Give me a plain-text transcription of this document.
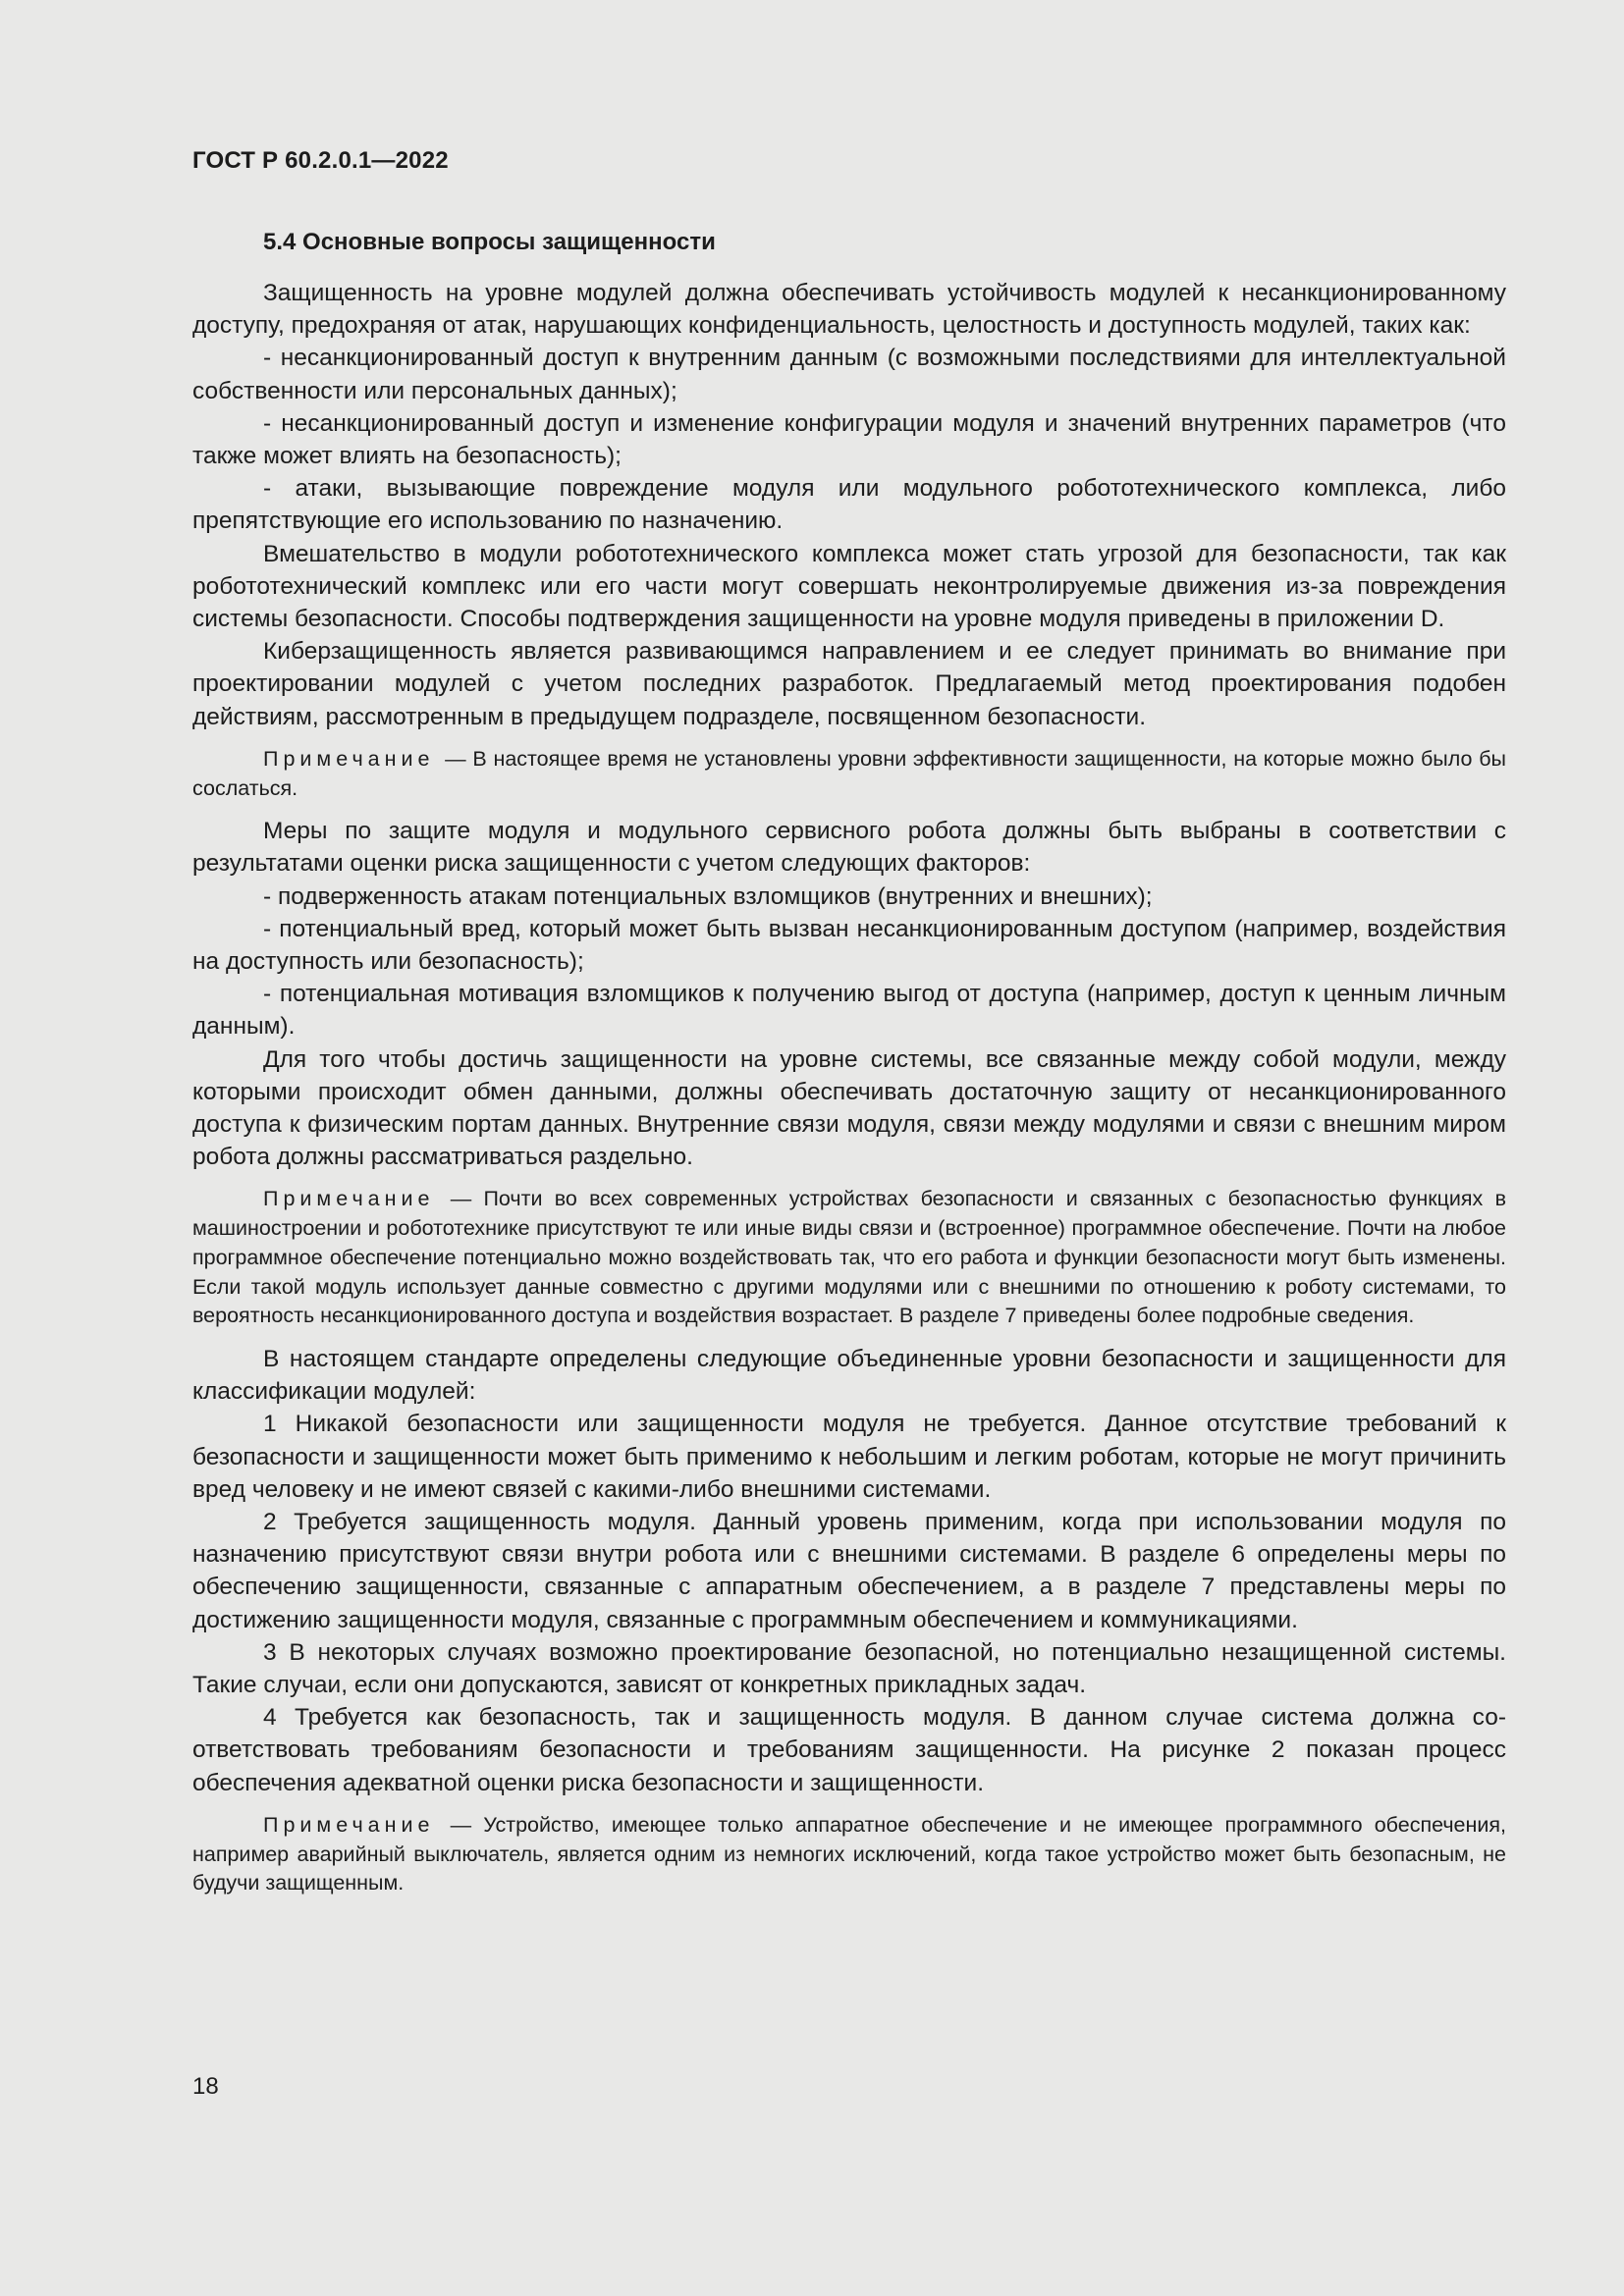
ГОСТ Р 60.2.0.1—2022
5.4 Основные вопросы защищенности

Защищенность на уровне модулей должна обеспечивать устойчивость модулей к несанкционированному доступу, предохраняя от атак, нарушающих конфиденциальность, целостность и доступность модулей, таких как:

- несанкционированный доступ к внутренним данным (с возможными последствиями для интеллектуальной собственности или персональных данных);

- несанкционированный доступ и изменение конфигурации модуля и значений внутренних параметров (что также может влиять на безопасность);

- атаки, вызывающие повреждение модуля или модульного робототехнического комплекса, либо препятствующие его использованию по назначению.

Вмешательство в модули робототехнического комплекса может стать угрозой для безопасности, так как робототехнический комплекс или его части могут совершать неконтролируемые движения из-за повреждения системы безопасности. Способы подтверждения защищенности на уровне модуля приведены в приложении D.

Киберзащищенность является развивающимся направлением и ее следует принимать во внимание при проектировании модулей с учетом последних разработок. Предлагаемый метод проектирования подобен действиям, рассмотренным в предыдущем подразделе, посвященном безопасности.

Примечание — В настоящее время не установлены уровни эффективности защищенности, на которые можно было бы сослаться.

Меры по защите модуля и модульного сервисного робота должны быть выбраны в соответствии с результатами оценки риска защищенности с учетом следующих факторов:

- подверженность атакам потенциальных взломщиков (внутренних и внешних);

- потенциальный вред, который может быть вызван несанкционированным доступом (например, воздействия на доступность или безопасность);

- потенциальная мотивация взломщиков к получению выгод от доступа (например, доступ к ценным личным данным).

Для того чтобы достичь защищенности на уровне системы, все связанные между собой модули, между которыми происходит обмен данными, должны обеспечивать достаточную защиту от несанкционированного доступа к физическим портам данных. Внутренние связи модуля, связи между модулями и связи с внешним миром робота должны рассматриваться раздельно.

Примечание — Почти во всех современных устройствах безопасности и связанных с безопасностью функциях в машиностроении и робототехнике присутствуют те или иные виды связи и (встроенное) программное обеспечение. Почти на любое программное обеспечение потенциально можно воздействовать так, что его работа и функции безопасности могут быть изменены. Если такой модуль использует данные совместно с другими модулями или с внешними по отношению к роботу системами, то вероятность несанкционированного доступа и воздействия возрастает. В разделе 7 приведены более подробные сведения.

В настоящем стандарте определены следующие объединенные уровни безопасности и защищенности для классификации модулей:

1 Никакой безопасности или защищенности модуля не требуется. Данное отсутствие требований к безопасности и защищенности может быть применимо к небольшим и легким роботам, которые не могут причинить вред человеку и не имеют связей с какими-либо внешними системами.

2 Требуется защищенность модуля. Данный уровень применим, когда при использовании модуля по назначению присутствуют связи внутри робота или с внешними системами. В разделе 6 определены меры по обеспечению защищенности, связанные с аппаратным обеспечением, а в разделе 7 представлены меры по достижению защищенности модуля, связанные с программным обеспечением и коммуникациями.

3 В некоторых случаях возможно проектирование безопасной, но потенциально незащищенной системы. Такие случаи, если они допускаются, зависят от конкретных прикладных задач.

4 Требуется как безопасность, так и защищенность модуля. В данном случае система должна соответствовать требованиям безопасности и требованиям защищенности. На рисунке 2 показан процесс обеспечения адекватной оценки риска безопасности и защищенности.

Примечание — Устройство, имеющее только аппаратное обеспечение и не имеющее программного обеспечения, например аварийный выключатель, является одним из немногих исключений, когда такое устройство может быть безопасным, не будучи защищенным.

18
